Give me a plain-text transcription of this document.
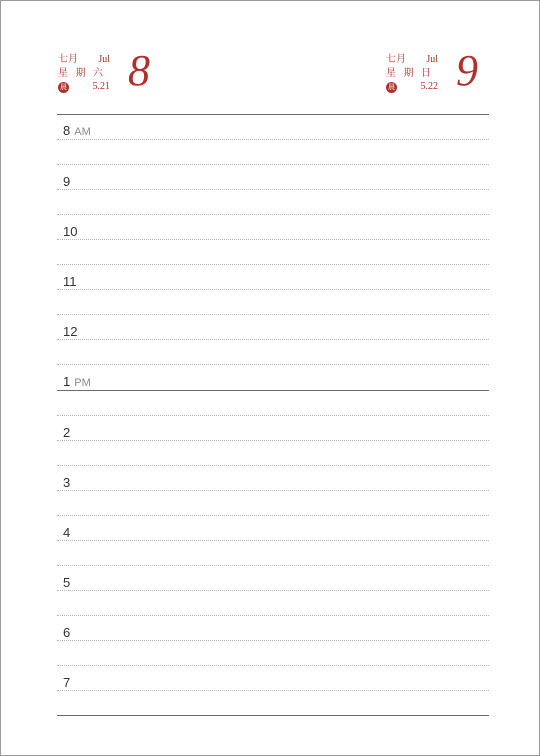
七月 Jul
星期六
晨	5.21 8	七月 Jul
星期日
晨	5.22 9
8 AM
9
10
11
12
1 PM
2
3
4
5
6
7
